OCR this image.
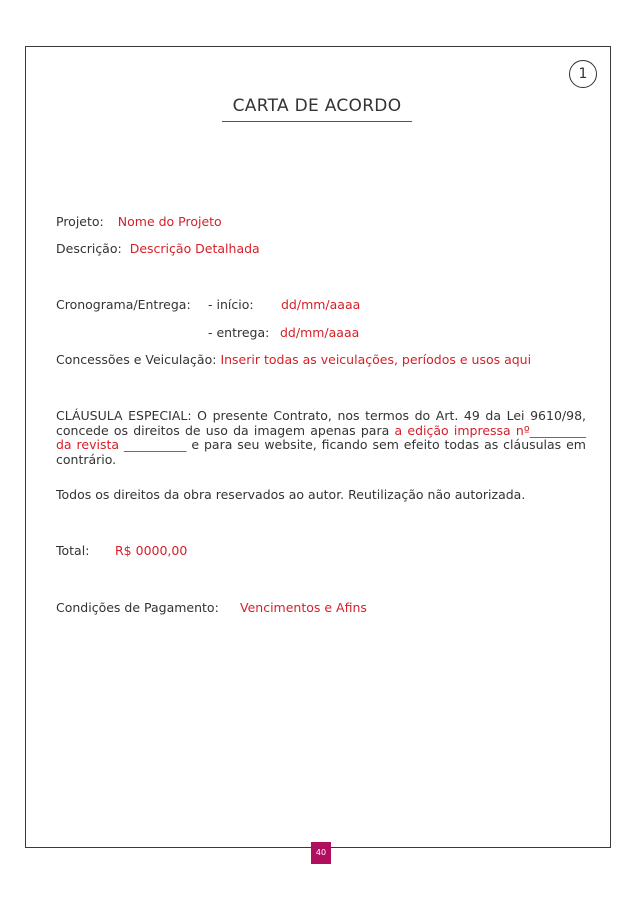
1
CARTA DE ACORDO
Projeto: Nome do Projeto
Descrição: Descrição Detalhada
Cronograma/Entrega: - início: dd/mm/aaaa
- entrega: dd/mm/aaaa
Concessões e Veiculação: Inserir todas as veiculações, períodos e usos aqui
CLÁUSULA ESPECIAL: O presente Contrato, nos termos do Art. 49 da Lei 9610/98, concede os direitos de uso da imagem apenas para a edição impressa nº_________ da revista __________ e para seu website, ficando sem efeito todas as cláusulas em contrário.
Todos os direitos da obra reservados ao autor. Reutilização não autorizada.
Total: R$ 0000,00
Condições de Pagamento: Vencimentos e Afins
40
